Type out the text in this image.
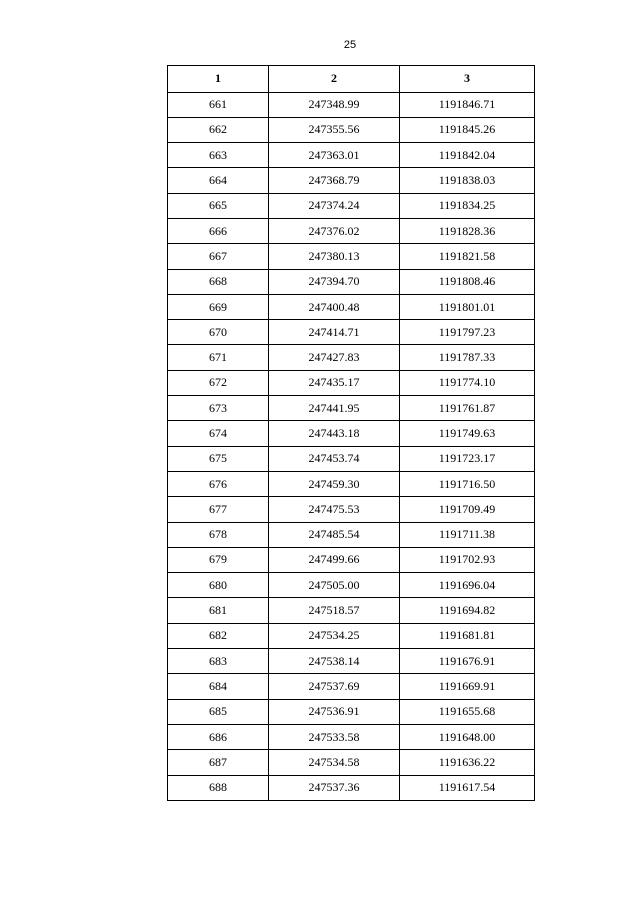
25
1	2	3
661	247348.99	1191846.71
662	247355.56	1191845.26
663	247363.01	1191842.04
664	247368.79	1191838.03
665	247374.24	1191834.25
666	247376.02	1191828.36
667	247380.13	1191821.58
668	247394.70	1191808.46
669	247400.48	1191801.01
670	247414.71	1191797.23
671	247427.83	1191787.33
672	247435.17	1191774.10
673	247441.95	1191761.87
674	247443.18	1191749.63
675	247453.74	1191723.17
676	247459.30	1191716.50
677	247475.53	1191709.49
678	247485.54	1191711.38
679	247499.66	1191702.93
680	247505.00	1191696.04
681	247518.57	1191694.82
682	247534.25	1191681.81
683	247538.14	1191676.91
684	247537.69	1191669.91
685	247536.91	1191655.68
686	247533.58	1191648.00
687	247534.58	1191636.22
688	247537.36	1191617.54
